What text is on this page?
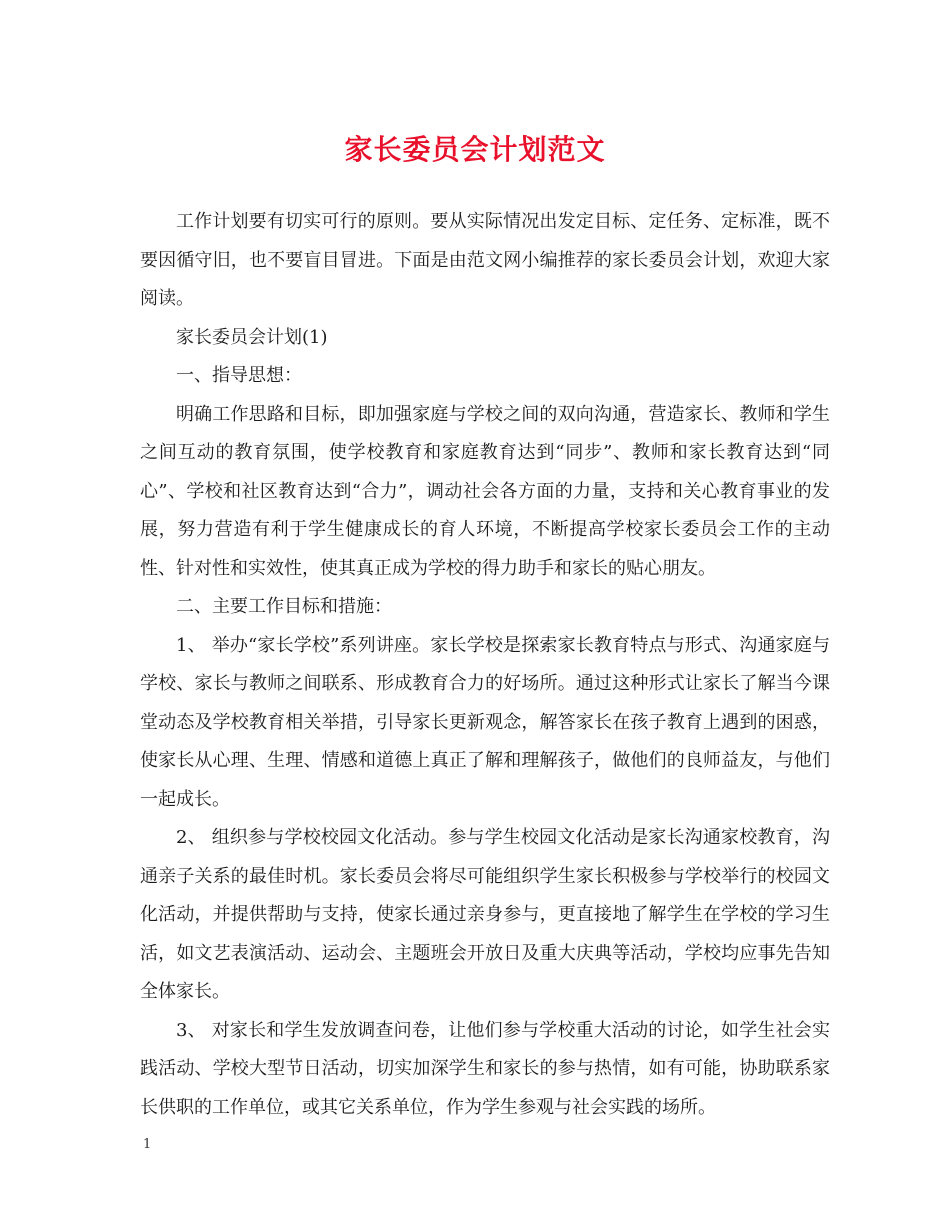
家长委员会计划范文

工作计划要有切实可行的原则。要从实际情况出发定目标、定任务、定标准，既不要因循守旧，也不要盲目冒进。下面是由范文网小编推荐的家长委员会计划，欢迎大家阅读。

家长委员会计划(1)

一、指导思想：

明确工作思路和目标，即加强家庭与学校之间的双向沟通，营造家长、教师和学生之间互动的教育氛围，使学校教育和家庭教育达到“同步”、教师和家长教育达到“同心”、学校和社区教育达到“合力”，调动社会各方面的力量，支持和关心教育事业的发展，努力营造有利于学生健康成长的育人环境，不断提高学校家长委员会工作的主动性、针对性和实效性，使其真正成为学校的得力助手和家长的贴心朋友。

二、主要工作目标和措施：

1、 举办“家长学校”系列讲座。家长学校是探索家长教育特点与形式、沟通家庭与学校、家长与教师之间联系、形成教育合力的好场所。通过这种形式让家长了解当今课堂动态及学校教育相关举措，引导家长更新观念，解答家长在孩子教育上遇到的困惑，使家长从心理、生理、情感和道德上真正了解和理解孩子，做他们的良师益友，与他们一起成长。

2、 组织参与学校校园文化活动。参与学生校园文化活动是家长沟通家校教育，沟通亲子关系的最佳时机。家长委员会将尽可能组织学生家长积极参与学校举行的校园文化活动，并提供帮助与支持，使家长通过亲身参与，更直接地了解学生在学校的学习生活，如文艺表演活动、运动会、主题班会开放日及重大庆典等活动，学校均应事先告知全体家长。

3、 对家长和学生发放调查问卷，让他们参与学校重大活动的讨论，如学生社会实践活动、学校大型节日活动，切实加深学生和家长的参与热情，如有可能，协助联系家长供职的工作单位，或其它关系单位，作为学生参观与社会实践的场所。

1
